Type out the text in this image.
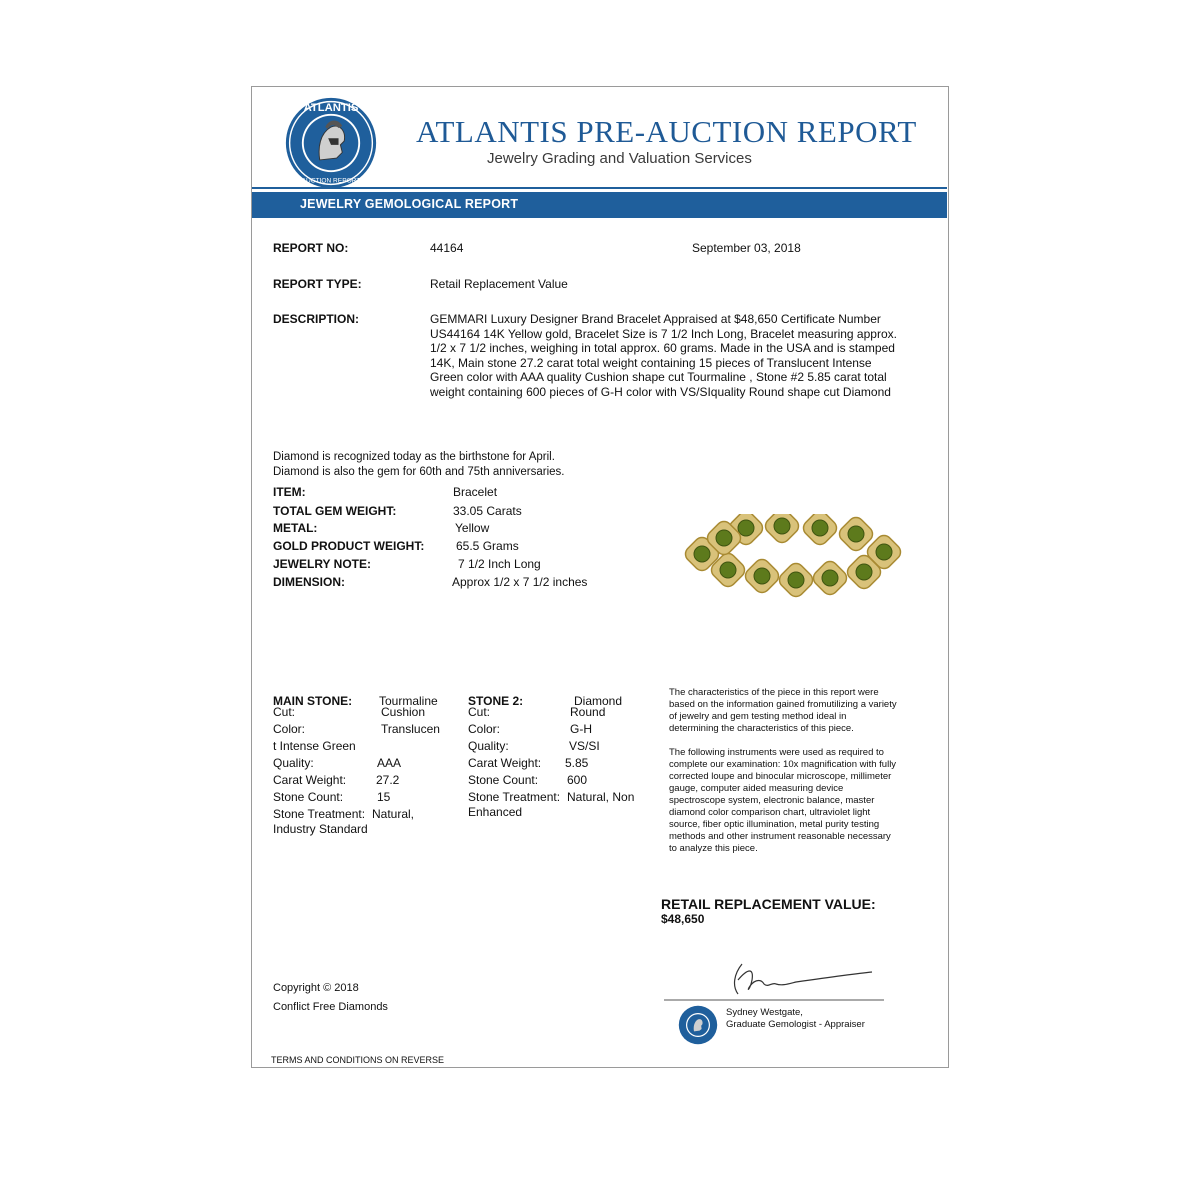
ATLANTIS
AUCTION REPORT
ATLANTIS PRE-AUCTION REPORT
Jewelry Grading and Valuation Services
JEWELRY GEMOLOGICAL REPORT
REPORT NO:	44164	September 03, 2018
REPORT TYPE:	Retail Replacement Value
DESCRIPTION:	GEMMARI Luxury Designer Brand Bracelet Appraised at $48,650 Certificate Number US44164 14K Yellow gold, Bracelet Size is 7 1/2 Inch Long, Bracelet measuring approx. 1/2 x 7 1/2 inches, weighing in total approx. 60 grams. Made in the USA and is stamped 14K, Main stone 27.2 carat total weight containing 15 pieces of Translucent Intense Green color with AAA quality Cushion shape cut Tourmaline , Stone #2 5.85 carat total weight containing 600 pieces of G-H color with VS/SIquality Round shape cut Diamond
Diamond is recognized today as the birthstone for April.
Diamond is also the gem for 60th and 75th anniversaries.
ITEM:	Bracelet
TOTAL GEM WEIGHT:	33.05 Carats
METAL:	Yellow
GOLD PRODUCT WEIGHT:	65.5 Grams
JEWELRY NOTE:	7 1/2 Inch Long
DIMENSION:	Approx 1/2 x 7 1/2 inches
MAIN STONE: Tourmaline
Cut:	Cushion
Color:	Translucen
t Intense Green
Quality:	AAA
Carat Weight: 27.2
Stone Count:	15
Stone Treatment: Natural,
Industry Standard
STONE 2:	Diamond
Cut:	Round
Color:	G-H
Quality:	VS/SI
Carat Weight: 5.85
Stone Count: 600
Stone Treatment: Natural, Non
Enhanced
The characteristics of the piece in this report were
based on the information gained fromutilizing a variety
of jewelry and gem testing method ideal in
determining the characteristics of this piece.
The following instruments were used as required to
complete our examination: 10x magnification with fully
corrected loupe and binocular microscope, millimeter
gauge, computer aided measuring device
spectroscope system, electronic balance, master
diamond color comparison chart, ultraviolet light
source, fiber optic illumination, metal purity testing
methods and other instrument reasonable necessary
to analyze this piece.
RETAIL REPLACEMENT VALUE:
$48,650
Copyright © 2018
Conflict Free Diamonds
TERMS AND CONDITIONS ON REVERSE
Sydney Westgate,
Graduate Gemologist - Appraiser
